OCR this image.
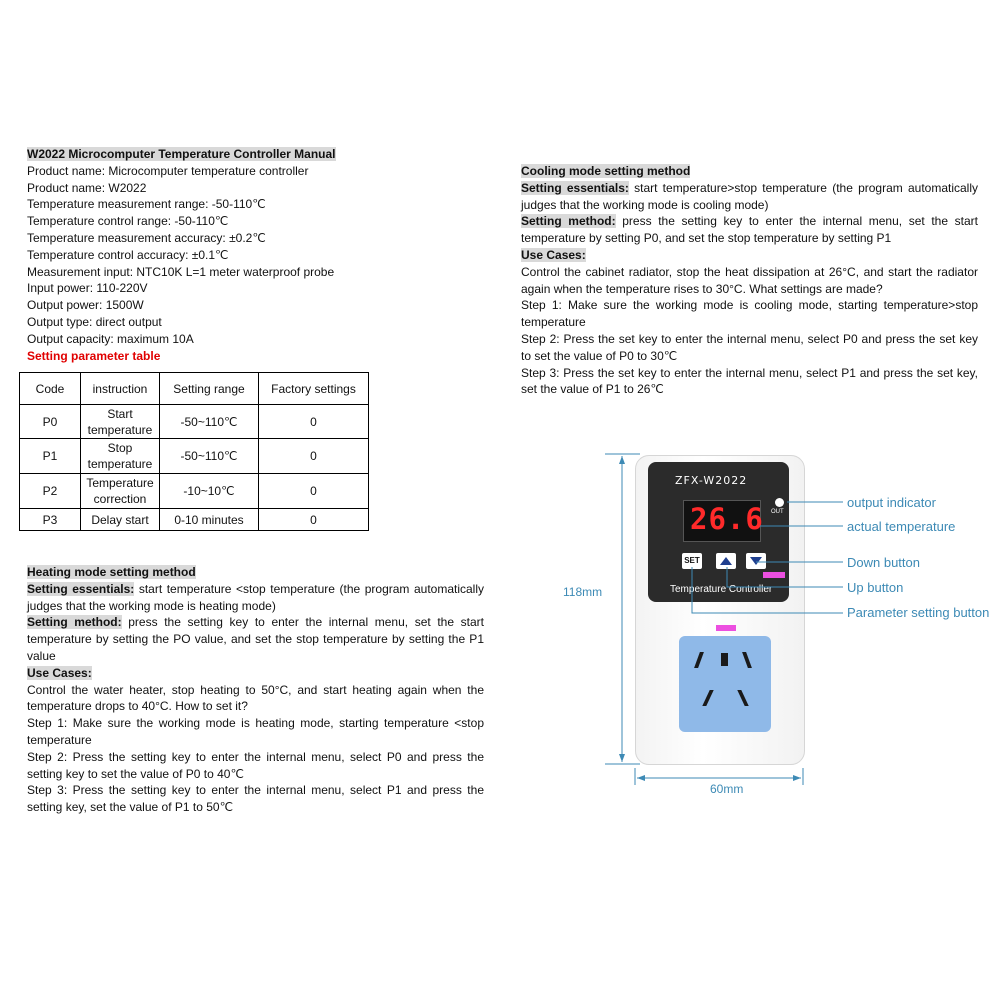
W2022 Microcomputer Temperature Controller Manual

Product name: Microcomputer temperature controller

Product name: W2022

Temperature measurement range: -50-110℃

Temperature control range: -50-110℃

Temperature measurement accuracy: ±0.2℃

Temperature control accuracy: ±0.1℃

Measurement input: NTC10K L=1 meter waterproof probe

Input power: 110-220V

Output power: 1500W

Output type: direct output

Output capacity: maximum 10A

Setting parameter table

Code	instruction	Setting range	Factory settings
P0	Start temperature	-50~110℃	0
P1	Stop temperature	-50~110℃	0
P2	Temperature correction	-10~10℃	0
P3	Delay start	0-10 minutes	0

Heating mode setting method

Setting essentials: start temperature <stop temperature (the program automatically judges that the working mode is heating mode)

Setting method: press the setting key to enter the internal menu, set the start temperature by setting the PO value, and set the stop temperature by setting the P1 value

Use Cases:

Control the water heater, stop heating to 50°C, and start heating again when the temperature drops to 40°C. How to set it?

Step 1: Make sure the working mode is heating mode, starting temperature <stop temperature

Step 2: Press the setting key to enter the internal menu, select P0 and press the setting key to set the value of P0 to 40℃

Step 3: Press the setting key to enter the internal menu, select P1 and press the setting key, set the value of P1 to 50℃

Cooling mode setting method

Setting essentials: start temperature>stop temperature (the program automatically judges that the working mode is cooling mode)

Setting method: press the setting key to enter the internal menu, set the start temperature by setting P0, and set the stop temperature by setting P1

Use Cases:

Control the cabinet radiator, stop the heat dissipation at 26°C, and start the radiator again when the temperature rises to 30°C. What settings are made?

Step 1: Make sure the working mode is cooling mode, starting temperature>stop temperature

Step 2: Press the set key to enter the internal menu, select P0 and press the set key to set the value of P0 to 30℃

Step 3: Press the set key to enter the internal menu, select P1 and press the set key, set the value of P1 to 26℃

118mm
60mm
ZFX-W2022
26.6 OUT
SET
Temperature Controller
output indicator
actual temperature
Down button
Up button
Parameter setting button
